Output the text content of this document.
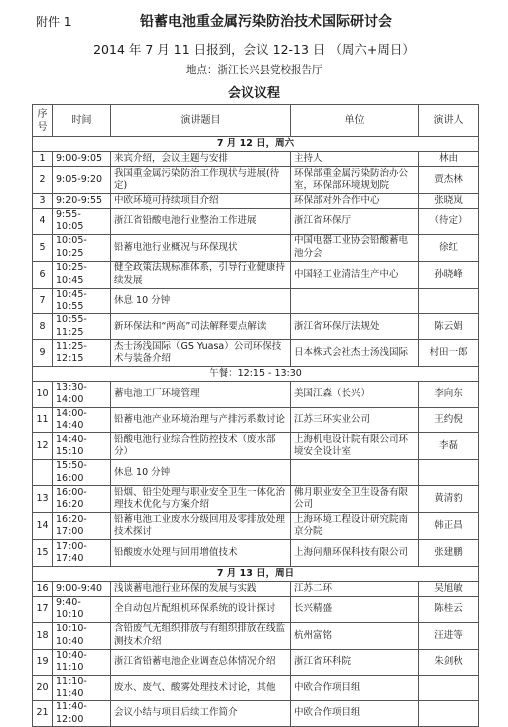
附件 1	铅蓄电池重金属污染防治技术国际研讨会
2014 年 7 月 11 日报到，会议 12-13 日 （周六+周日）
地点：浙江长兴县党校报告厅
会议议程
序号	时间	演讲题目	单位	演讲人
7 月 12 日，周六				
1	9:00-9:05	来宾介绍，会议主题与安排	主持人	林由
2	9:05-9:20	我国重金属污染防治工作现状与进展(待定)	环保部重金属污染防治办公室，环保部环境规划院	贾杰林
3	9:20-9:55	中欧环境可持续项目介绍	环保部对外合作中心	张晓岚
4	9:55-10:05	浙江省铅酸电池行业整治工作进展	浙江省环保厅	（待定）
5	10:05-10:25	铅蓄电池行业概况与环保现状	中国电器工业协会铅酸蓄电池分会	徐红
6	10:25-10:45	健全政策法规标准体系，引导行业健康持续发展	中国轻工业清洁生产中心	孙晓峰
7	10:45-10:55	休息 10 分钟		
8	10:55-11:25	新环保法和“两高”司法解释要点解读	浙江省环保厅法规处	陈云娟
9	11:25-12:15	杰士汤浅国际（GS Yuasa）公司环保技术与装备介绍	日本株式会社杰士汤浅国际	村田一郎
午餐：12:15 - 13:30				
10	13:30-14:00	蓄电池工厂环境管理	美国江森（长兴）	李向东
11	14:00-14:40	铅蓄电池产业环境治理与产排污系数讨论	江苏三环实业公司	王约倪
12	14:40-15:10	铅酸电池行业综合性防控技术（废水部分）	上海机电设计院有限公司环境安全设计室	李磊
	15:50-16:00	休息 10 分钟		
13	16:00-16:20	铅烟、铅尘处理与职业安全卫生一体化治理技术优化与方案介绍	佛月职业安全卫生设备有限公司	黄清豹
14	16:20-17:00	铅蓄电池工业废水分级回用及零排放处理技术探讨	上海环境工程设计研究院南京分院	韩正昌
15	17:00-17:40	铅酸废水处理与回用增值技术	上海问鼎环保科技有限公司	张建鹏
7 月 13 日，周日				
16	9:00-9:40	浅谈蓄电池行业环保的发展与实践	江苏二环	吴旭敏
17	9:40-10:10	全自动包片配组机环保系统的设计探讨	长兴精盛	陈桂云
18	10:10-10:40	含铅废气无组织排放与有组织排放在线监测技术介绍	杭州富铭	汪进等
19	10:40-11:10	浙江省铅蓄电池企业调查总体情况介绍	浙江省环科院	朱剑秋
20	11:10-11:40	废水、废气、酸雾处理技术讨论，其他	中欧合作项目组	
21	11:40-12:00	会议小结与项目后续工作简介	中欧合作项目组	
